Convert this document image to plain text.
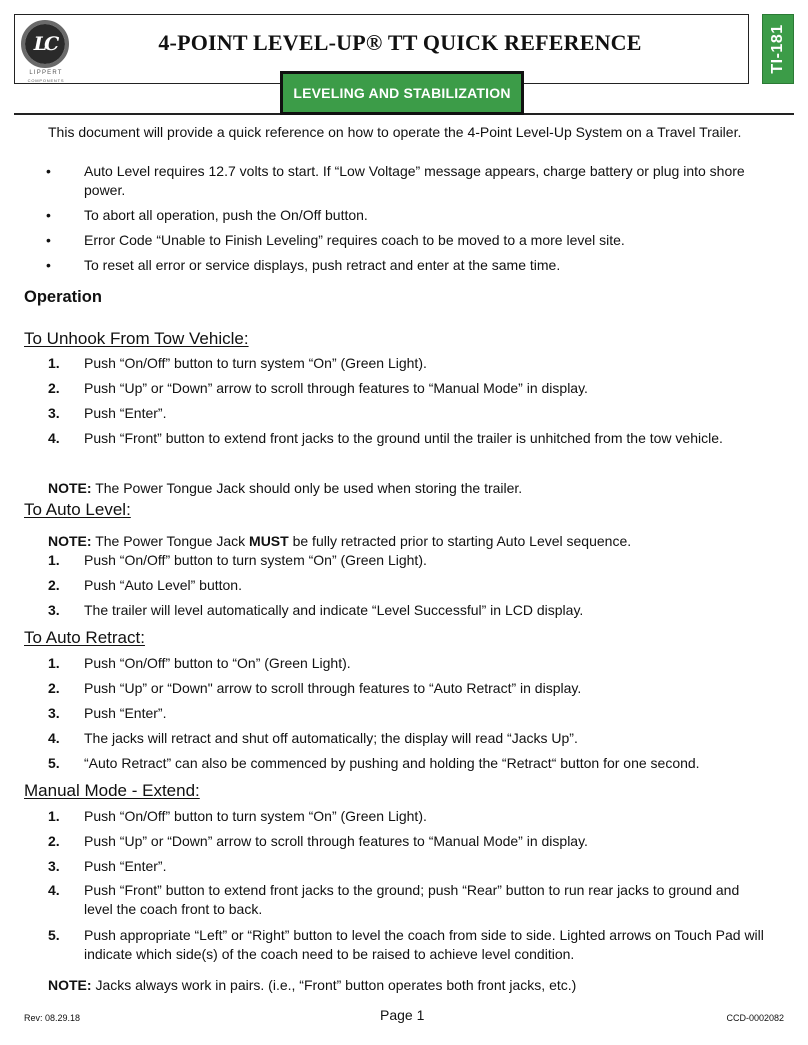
LC
LIPPERT
COMPONENTS
4-POINT LEVEL-UP® TT QUICK REFERENCE	TI-181
LEVELING AND STABILIZATION
This document will provide a quick reference on how to operate the 4-Point Level-Up System on a Travel Trailer.
• Auto Level requires 12.7 volts to start. If “Low Voltage” message appears, charge battery or plug into shore power.
• To abort all operation, push the On/Off button.
• Error Code “Unable to Finish Leveling” requires coach to be moved to a more level site.
• To reset all error or service displays, push retract and enter at the same time.
Operation
To Unhook From Tow Vehicle:
1. Push “On/Off” button to turn system “On” (Green Light).
2. Push “Up” or “Down” arrow to scroll through features to “Manual Mode” in display.
3. Push “Enter”.
4. Push “Front” button to extend front jacks to the ground until the trailer is unhitched from the tow vehicle.
NOTE: The Power Tongue Jack should only be used when storing the trailer.
To Auto Level:
NOTE: The Power Tongue Jack MUST be fully retracted prior to starting Auto Level sequence.
1. Push “On/Off” button to turn system “On” (Green Light).
2. Push “Auto Level” button.
3. The trailer will level automatically and indicate “Level Successful” in LCD display.
To Auto Retract:
1. Push “On/Off” button to “On” (Green Light).
2. Push “Up” or “Down" arrow to scroll through features to “Auto Retract” in display.
3. Push “Enter”.
4. The jacks will retract and shut off automatically; the display will read “Jacks Up”.
5. “Auto Retract” can also be commenced by pushing and holding the “Retract“ button for one second.
Manual Mode - Extend:
1. Push “On/Off” button to turn system “On” (Green Light).
2. Push “Up” or “Down” arrow to scroll through features to “Manual Mode” in display.
3. Push “Enter”.
4. Push “Front” button to extend front jacks to the ground; push “Rear” button to run rear jacks to ground and level the coach front to back.
5. Push appropriate “Left” or “Right” button to level the coach from side to side. Lighted arrows on Touch Pad will indicate which side(s) of the coach need to be raised to achieve level condition.
NOTE: Jacks always work in pairs. (i.e., “Front” button operates both front jacks, etc.)
Rev: 08.29.18	Page 1	CCD-0002082
